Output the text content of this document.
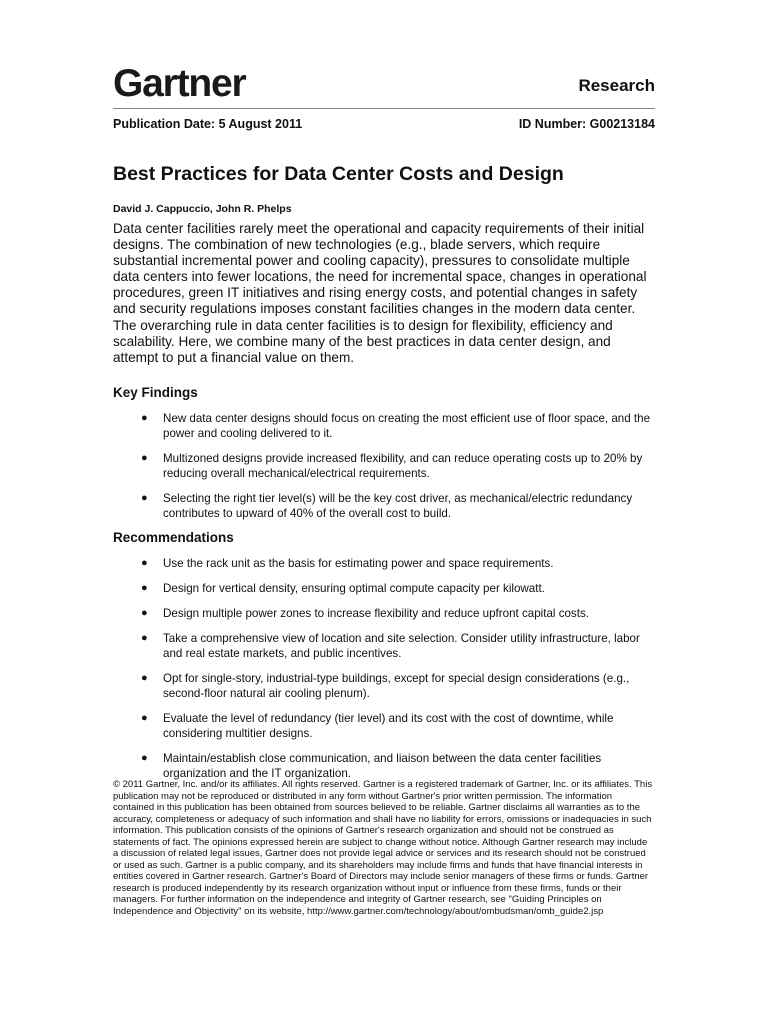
Gartner	Research
Publication Date: 5 August 2011	ID Number: G00213184
Best Practices for Data Center Costs and Design
David J. Cappuccio, John R. Phelps

Data center facilities rarely meet the operational and capacity requirements of their initial designs. The combination of new technologies (e.g., blade servers, which require substantial incremental power and cooling capacity), pressures to consolidate multiple data centers into fewer locations, the need for incremental space, changes in operational procedures, green IT initiatives and rising energy costs, and potential changes in safety and security regulations imposes constant facilities changes in the modern data center. The overarching rule in data center facilities is to design for flexibility, efficiency and scalability. Here, we combine many of the best practices in data center design, and attempt to put a financial value on them.

Key Findings
● New data center designs should focus on creating the most efficient use of floor space, and the power and cooling delivered to it.
● Multizoned designs provide increased flexibility, and can reduce operating costs up to 20% by reducing overall mechanical/electrical requirements.
● Selecting the right tier level(s) will be the key cost driver, as mechanical/electric redundancy contributes to upward of 40% of the overall cost to build.
Recommendations
● Use the rack unit as the basis for estimating power and space requirements.
● Design for vertical density, ensuring optimal compute capacity per kilowatt.
● Design multiple power zones to increase flexibility and reduce upfront capital costs.
● Take a comprehensive view of location and site selection. Consider utility infrastructure, labor and real estate markets, and public incentives.
● Opt for single-story, industrial-type buildings, except for special design considerations (e.g., second-floor natural air cooling plenum).
● Evaluate the level of redundancy (tier level) and its cost with the cost of downtime, while considering multitier designs.
● Maintain/establish close communication, and liaison between the data center facilities organization and the IT organization.

© 2011 Gartner, Inc. and/or its affiliates. All rights reserved. Gartner is a registered trademark of Gartner, Inc. or its affiliates. This publication may not be reproduced or distributed in any form without Gartner's prior written permission. The information contained in this publication has been obtained from sources believed to be reliable. Gartner disclaims all warranties as to the accuracy, completeness or adequacy of such information and shall have no liability for errors, omissions or inadequacies in such information. This publication consists of the opinions of Gartner's research organization and should not be construed as statements of fact. The opinions expressed herein are subject to change without notice. Although Gartner research may include a discussion of related legal issues, Gartner does not provide legal advice or services and its research should not be construed or used as such. Gartner is a public company, and its shareholders may include firms and funds that have financial interests in entities covered in Gartner research. Gartner's Board of Directors may include senior managers of these firms or funds. Gartner research is produced independently by its research organization without input or influence from these firms, funds or their managers. For further information on the independence and integrity of Gartner research, see "Guiding Principles on Independence and Objectivity" on its website, http://www.gartner.com/technology/about/ombudsman/omb_guide2.jsp
